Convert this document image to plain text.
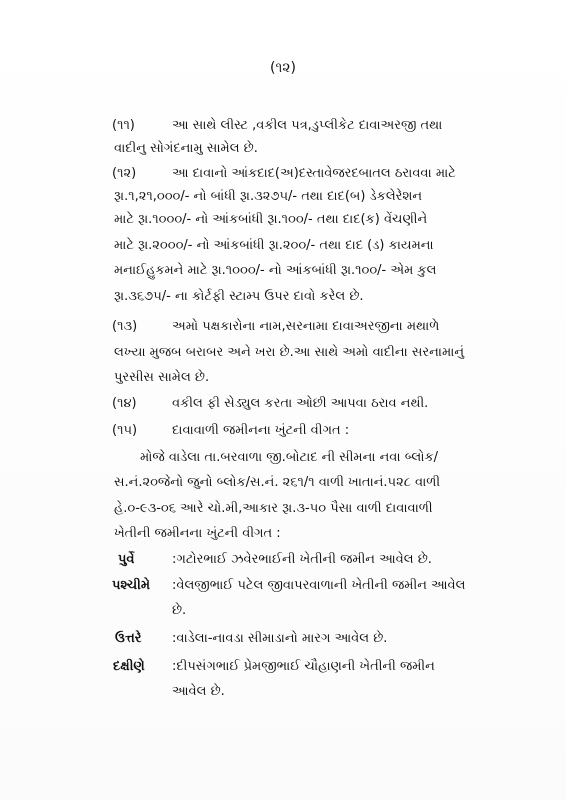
(૧૨)
(૧૧)	આ સાથે લીસ્ટ ,વકીલ પત્ર,ડુપ્લીકેટ દાવાઅરજી તથા
વાદીનુ સોગંદનામુ સામેલ છે.
(૧૨)	આ દાવાનો આંકદાદ(અ)દસ્તાવેજરદબાતલ ઠરાવવા માટે
રૂા.૧,૨૧,૦૦૦/- નો બાંધી રૂા.૩૨૭૫/- તથા દાદ(બ) ડેકલેરેશન
માટે રૂા.૧૦૦૦/- નો આંકબાંધી રૂા.૧૦૦/- તથા દાદ(ક) વેંચણીને
માટે રૂા.૨૦૦૦/- નો આંકબાંધી રૂા.૨૦૦/- તથા દાદ (ડ) કાયમના
મનાઈહુકમને માટે રૂા.૧૦૦૦/- નો આંકબાંધી રૂા.૧૦૦/- એમ કુલ
રૂા.૩૬૭૫/- ના કોર્ટફી સ્ટામ્પ ઉપર દાવો કરેલ છે.
(૧૩)	અમો પક્ષકારોના નામ,સરનામા દાવાઅરજીના મથાળે
લખ્યા મુજબ બરાબર અને ખરા છે.આ સાથે અમો વાદીના સરનામાનું
પુરસીસ સામેલ છે.
(૧૪)	વકીલ ફી સેડ્યુલ કરતા ઓછી આપવા ઠરાવ નથી.
(૧૫)	દાવાવાળી જમીનના ખુંટની વીગત :
મોજે વાડેલા તા.બરવાળા જી.બોટાદ ની સીમના નવા બ્લોક/
સ.નં.૨૦જેનો જુનો બ્લોક/સ.નં. ૨૬૧/૧ વાળી ખાતાનં.૫૨૮ વાળી
હે.૦-૯૩-૦૬ આરે ચો.મી,આકાર રૂા.૩-૫૦ પૈસા વાળી દાવાવાળી
ખેતીની જમીનના ખુંટની વીગત :
પુર્વે	:ગટોરભાઈ ઝવેરભાઈની ખેતીની જમીન આવેલ છે.
પશ્ચીમે :વેલજીભાઈ પટેલ જીવાપરવાળાની ખેતીની જમીન આવેલ
છે.
ઉત્તરે :વાડેલા-નાવડા સીમાડાનો મારગ આવેલ છે.
દક્ષીણે :દીપસંગભાઈ પ્રેમજીભાઈ ચૌહાણની ખેતીની જમીન
આવેલ છે.
